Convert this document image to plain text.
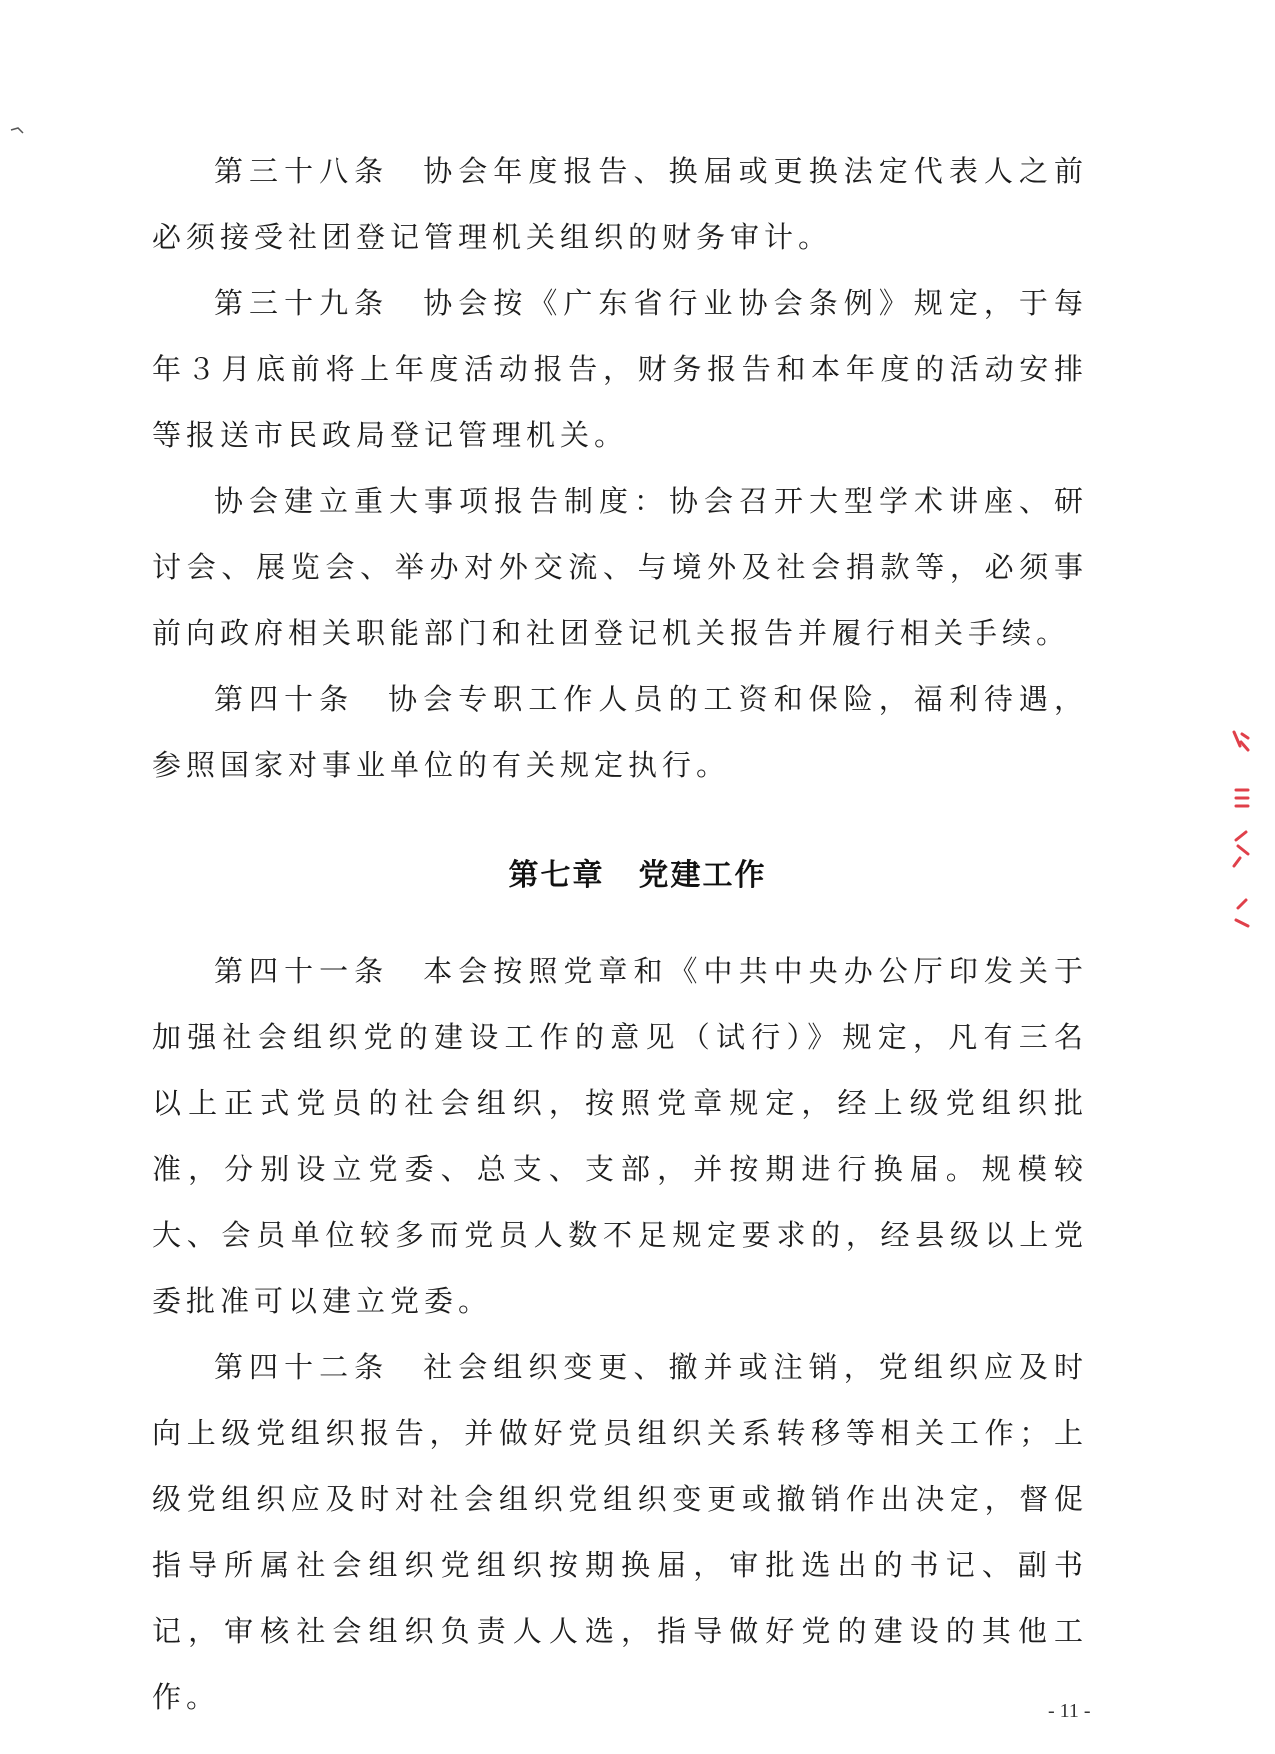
第三十八条 协会年度报告、换届或更换法定代表人之前必须接受社团登记管理机关组织的财务审计。

第三十九条 协会按《广东省行业协会条例》规定，于每年３月底前将上年度活动报告，财务报告和本年度的活动安排等报送市民政局登记管理机关。

协会建立重大事项报告制度：协会召开大型学术讲座、研讨会、展览会、举办对外交流、与境外及社会捐款等，必须事前向政府相关职能部门和社团登记机关报告并履行相关手续。

第四十条 协会专职工作人员的工资和保险，福利待遇，参照国家对事业单位的有关规定执行。

第七章 党建工作

第四十一条 本会按照党章和《中共中央办公厅印发关于加强社会组织党的建设工作的意见（试行）》规定，凡有三名以上正式党员的社会组织，按照党章规定，经上级党组织批准，分别设立党委、总支、支部，并按期进行换届。规模较大、会员单位较多而党员人数不足规定要求的，经县级以上党委批准可以建立党委。

第四十二条 社会组织变更、撤并或注销，党组织应及时向上级党组织报告，并做好党员组织关系转移等相关工作；上级党组织应及时对社会组织党组织变更或撤销作出决定，督促指导所属社会组织党组织按期换届，审批选出的书记、副书记，审核社会组织负责人人选，指导做好党的建设的其他工作。	- 11 -
